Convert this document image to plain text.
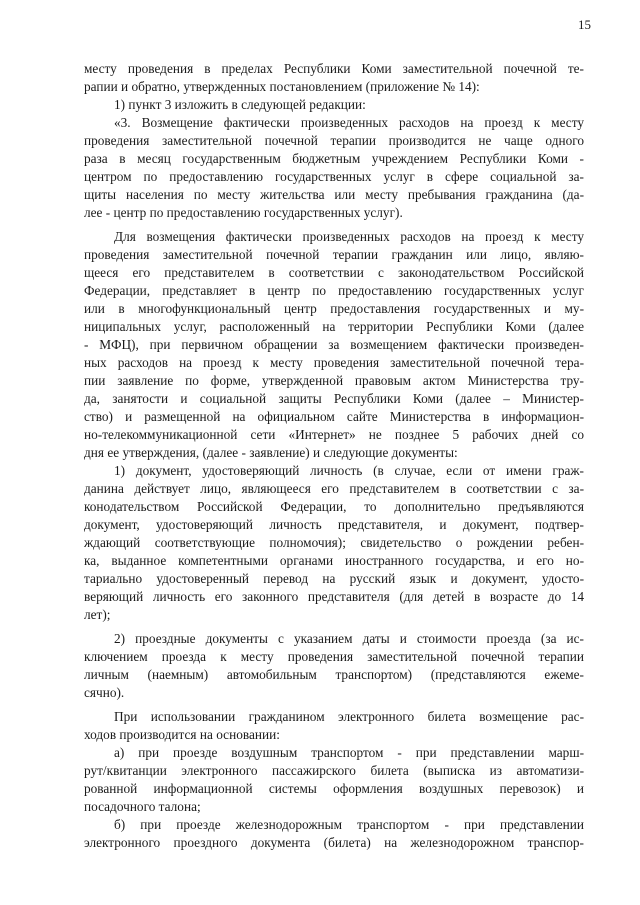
15
месту проведения в пределах Республики Коми заместительной почечной те-
рапии и обратно, утвержденных постановлением (приложение № 14):
1) пункт 3 изложить в следующей редакции:
«3. Возмещение фактически произведенных расходов на проезд к месту
проведения заместительной почечной терапии производится не чаще одного
раза в месяц государственным бюджетным учреждением Республики Коми -
центром по предоставлению государственных услуг в сфере социальной за-
щиты населения по месту жительства или месту пребывания гражданина (да-
лее - центр по предоставлению государственных услуг).
Для возмещения фактически произведенных расходов на проезд к месту
проведения заместительной почечной терапии гражданин или лицо, являю-
щееся его представителем в соответствии с законодательством Российской
Федерации, представляет в центр по предоставлению государственных услуг
или в многофункциональный центр предоставления государственных и му-
ниципальных услуг, расположенный на территории Республики Коми (далее
- МФЦ), при первичном обращении за возмещением фактически произведен-
ных расходов на проезд к месту проведения заместительной почечной тера-
пии заявление по форме, утвержденной правовым актом Министерства тру-
да, занятости и социальной защиты Республики Коми (далее – Министер-
ство) и размещенной на официальном сайте Министерства в информацион-
но-телекоммуникационной сети «Интернет» не позднее 5 рабочих дней со
дня ее утверждения, (далее - заявление) и следующие документы:
1) документ, удостоверяющий личность (в случае, если от имени граж-
данина действует лицо, являющееся его представителем в соответствии с за-
конодательством Российской Федерации, то дополнительно предъявляются
документ, удостоверяющий личность представителя, и документ, подтвер-
ждающий соответствующие полномочия); свидетельство о рождении ребен-
ка, выданное компетентными органами иностранного государства, и его но-
тариально удостоверенный перевод на русский язык и документ, удосто-
веряющий личность его законного представителя (для детей в возрасте до 14
лет);
2) проездные документы с указанием даты и стоимости проезда (за ис-
ключением проезда к месту проведения заместительной почечной терапии
личным (наемным) автомобильным транспортом) (представляются ежеме-
сячно).
При использовании гражданином электронного билета возмещение рас-
ходов производится на основании:
а) при проезде воздушным транспортом - при представлении марш-
рут/квитанции электронного пассажирского билета (выписка из автоматизи-
рованной информационной системы оформления воздушных перевозок) и
посадочного талона;
б) при проезде железнодорожным транспортом - при представлении
электронного проездного документа (билета) на железнодорожном транспор-
